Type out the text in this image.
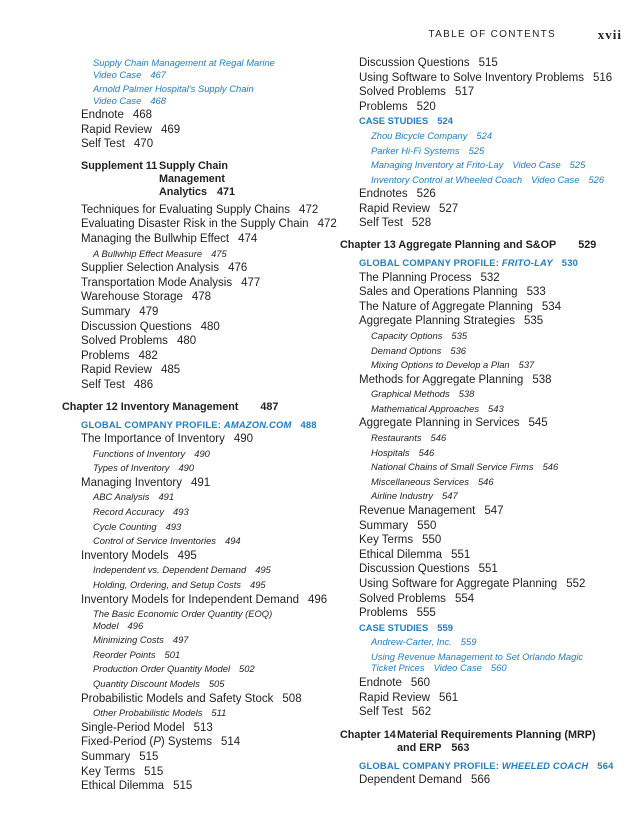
TABLE OF CONTENTS	xvii
Supply Chain Management at Regal Marine
Video Case 467
Arnold Palmer Hospital's Supply Chain
Video Case 468
Endnote 468
Rapid Review 469
Self Test 470
Supplement 11 Supply Chain Management Analytics 471
Techniques for Evaluating Supply Chains 472
Evaluating Disaster Risk in the Supply Chain 472
Managing the Bullwhip Effect 474
A Bullwhip Effect Measure 475
Supplier Selection Analysis 476
Transportation Mode Analysis 477
Warehouse Storage 478
Summary 479
Discussion Questions 480
Solved Problems 480
Problems 482
Rapid Review 485
Self Test 486
Chapter 12 Inventory Management 487
GLOBAL COMPANY PROFILE: AMAZON.COM 488
The Importance of Inventory 490
Functions of Inventory 490
Types of Inventory 490
Managing Inventory 491
ABC Analysis 491
Record Accuracy 493
Cycle Counting 493
Control of Service Inventories 494
Inventory Models 495
Independent vs. Dependent Demand 495
Holding, Ordering, and Setup Costs 495
Inventory Models for Independent Demand 496
The Basic Economic Order Quantity (EOQ)
Model 496
Minimizing Costs 497
Reorder Points 501
Production Order Quantity Model 502
Quantity Discount Models 505
Probabilistic Models and Safety Stock 508
Other Probabilistic Models 511
Single-Period Model 513
Fixed-Period (P) Systems 514
Summary 515
Key Terms 515
Ethical Dilemma 515
Discussion Questions 515
Using Software to Solve Inventory Problems 516
Solved Problems 517
Problems 520
CASE STUDIES 524
Zhou Bicycle Company 524
Parker Hi-Fi Systems 525
Managing Inventory at Frito-Lay Video Case 525
Inventory Control at Wheeled Coach Video Case 526
Endnotes 526
Rapid Review 527
Self Test 528
Chapter 13 Aggregate Planning and S&OP 529
GLOBAL COMPANY PROFILE: FRITO-LAY 530
The Planning Process 532
Sales and Operations Planning 533
The Nature of Aggregate Planning 534
Aggregate Planning Strategies 535
Capacity Options 535
Demand Options 536
Mixing Options to Develop a Plan 537
Methods for Aggregate Planning 538
Graphical Methods 538
Mathematical Approaches 543
Aggregate Planning in Services 545
Restaurants 546
Hospitals 546
National Chains of Small Service Firms 546
Miscellaneous Services 546
Airline Industry 547
Revenue Management 547
Summary 550
Key Terms 550
Ethical Dilemma 551
Discussion Questions 551
Using Software for Aggregate Planning 552
Solved Problems 554
Problems 555
CASE STUDIES 559
Andrew-Carter, Inc. 559
Using Revenue Management to Set Orlando Magic
Ticket Prices Video Case 560
Endnote 560
Rapid Review 561
Self Test 562
Chapter 14 Material Requirements Planning (MRP) and ERP 563
GLOBAL COMPANY PROFILE: WHEELED COACH 564
Dependent Demand 566
